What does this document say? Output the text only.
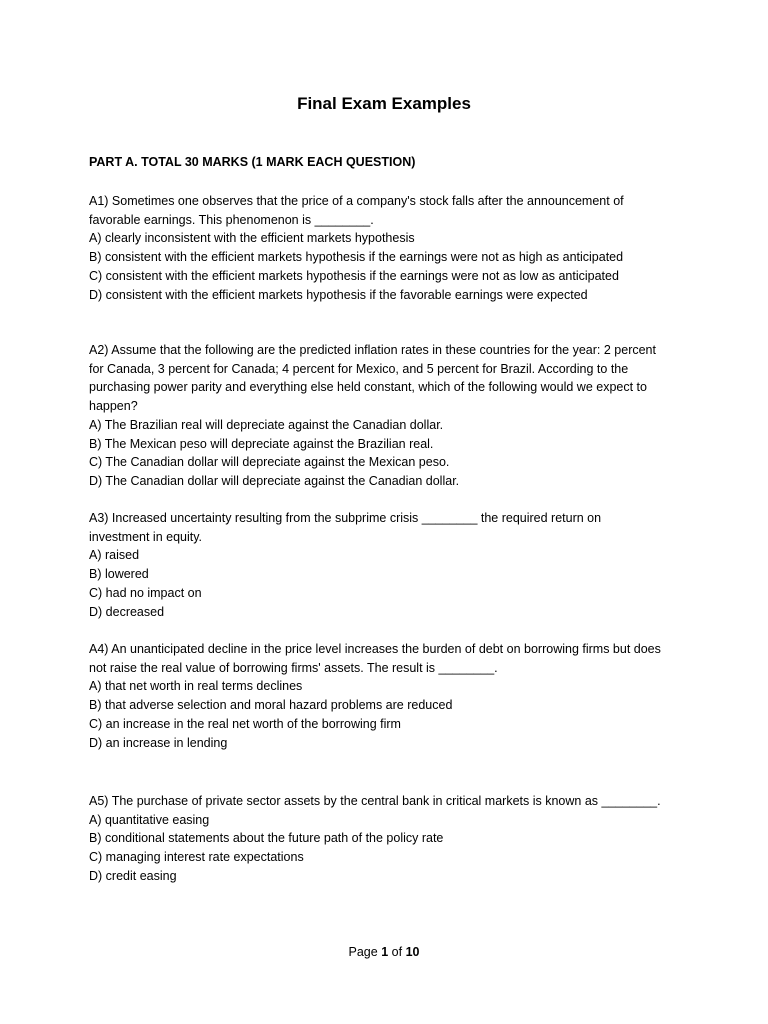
Final Exam Examples
PART A. TOTAL 30 MARKS (1 MARK EACH QUESTION)
A1) Sometimes one observes that the price of a company's stock falls after the announcement of
favorable earnings. This phenomenon is ________.
A) clearly inconsistent with the efficient markets hypothesis
B) consistent with the efficient markets hypothesis if the earnings were not as high as anticipated
C) consistent with the efficient markets hypothesis if the earnings were not as low as anticipated
D) consistent with the efficient markets hypothesis if the favorable earnings were expected
A2) Assume that the following are the predicted inflation rates in these countries for the year: 2 percent
for Canada, 3 percent for Canada; 4 percent for Mexico, and 5 percent for Brazil. According to the
purchasing power parity and everything else held constant, which of the following would we expect to
happen?
A) The Brazilian real will depreciate against the Canadian dollar.
B) The Mexican peso will depreciate against the Brazilian real.
C) The Canadian dollar will depreciate against the Mexican peso.
D) The Canadian dollar will depreciate against the Canadian dollar.
A3) Increased uncertainty resulting from the subprime crisis ________ the required return on
investment in equity.
A) raised
B) lowered
C) had no impact on
D) decreased
A4) An unanticipated decline in the price level increases the burden of debt on borrowing firms but does
not raise the real value of borrowing firms' assets. The result is ________.
A) that net worth in real terms declines
B) that adverse selection and moral hazard problems are reduced
C) an increase in the real net worth of the borrowing firm
D) an increase in lending
A5) The purchase of private sector assets by the central bank in critical markets is known as ________.
A) quantitative easing
B) conditional statements about the future path of the policy rate
C) managing interest rate expectations
D) credit easing
Page 1 of 10
